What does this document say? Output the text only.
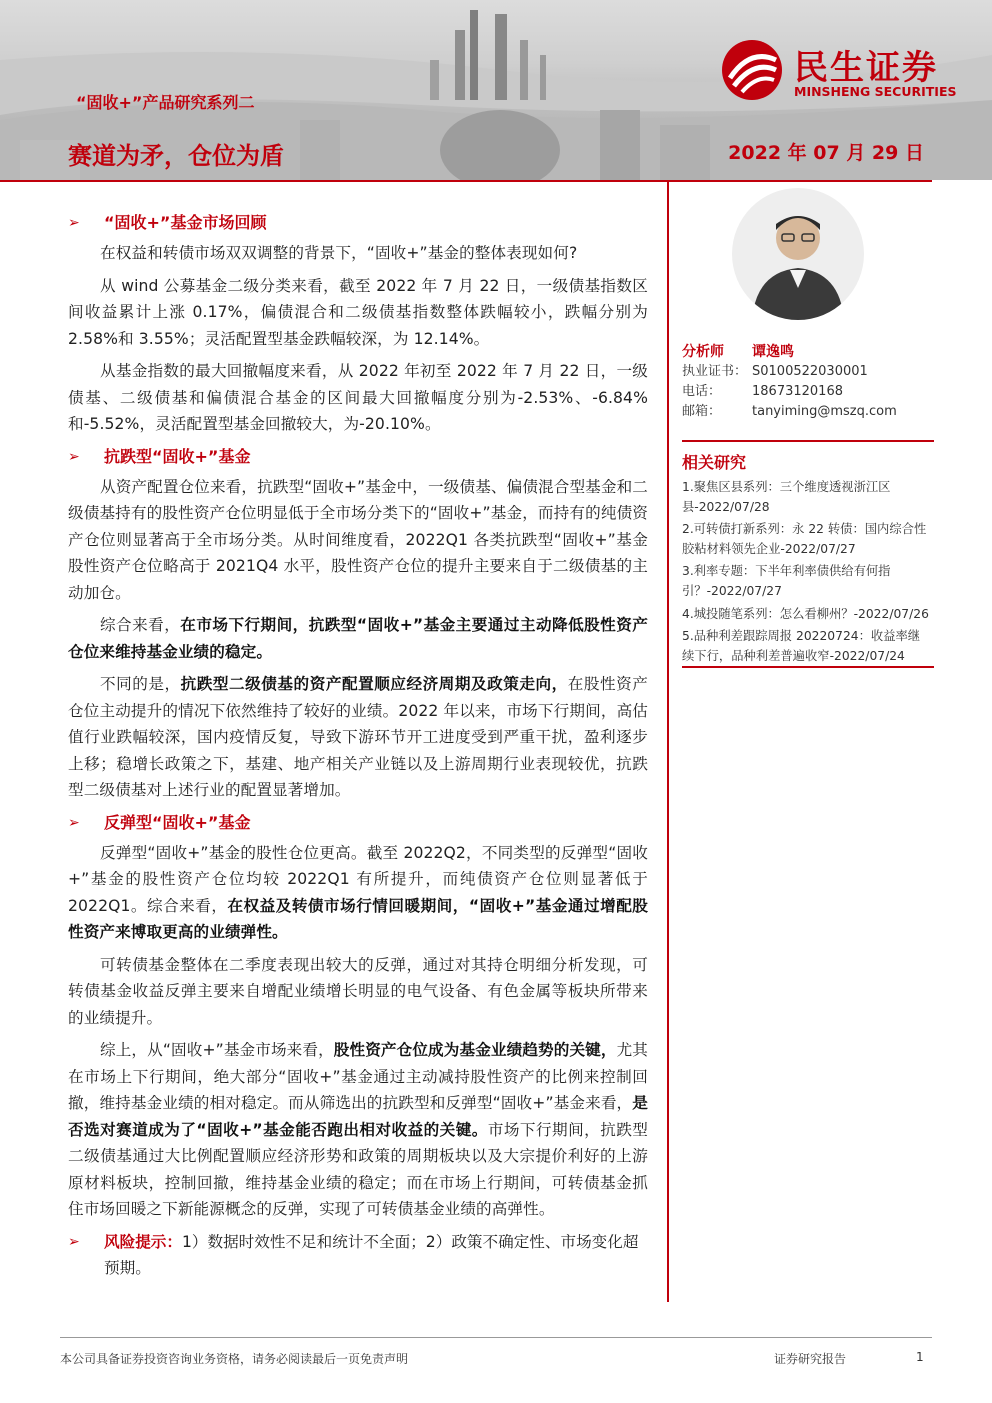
“固收+”产品研究系列二
赛道为矛，仓位为盾	2022 年 07 月 29 日
民生证券
MINSHENG SECURITIES
➢ “固收+”基金市场回顾

在权益和转债市场双双调整的背景下，“固收+”基金的整体表现如何?

从 wind 公募基金二级分类来看，截至 2022 年 7 月 22 日，一级债基指数区间收益累计上涨 0.17%，偏债混合和二级债基指数整体跌幅较小，跌幅分别为 2.58%和 3.55%；灵活配置型基金跌幅较深，为 12.14%。

从基金指数的最大回撤幅度来看，从 2022 年初至 2022 年 7 月 22 日，一级债基、二级债基和偏债混合基金的区间最大回撤幅度分别为-2.53%、-6.84%和-5.52%，灵活配置型基金回撤较大，为-20.10%。

➢ 抗跌型“固收+”基金

从资产配置仓位来看，抗跌型“固收+”基金中，一级债基、偏债混合型基金和二级债基持有的股性资产仓位明显低于全市场分类下的“固收+”基金，而持有的纯债资产仓位则显著高于全市场分类。从时间维度看，2022Q1 各类抗跌型“固收+”基金股性资产仓位略高于 2021Q4 水平，股性资产仓位的提升主要来自于二级债基的主动加仓。

综合来看，在市场下行期间，抗跌型“固收+”基金主要通过主动降低股性资产仓位来维持基金业绩的稳定。

不同的是，抗跌型二级债基的资产配置顺应经济周期及政策走向，在股性资产仓位主动提升的情况下依然维持了较好的业绩。2022 年以来，市场下行期间，高估值行业跌幅较深，国内疫情反复，导致下游环节开工进度受到严重干扰，盈利逐步上移；稳增长政策之下，基建、地产相关产业链以及上游周期行业表现较优，抗跌型二级债基对上述行业的配置显著增加。

➢ 反弹型“固收+”基金

反弹型“固收+”基金的股性仓位更高。截至 2022Q2，不同类型的反弹型“固收+”基金的股性资产仓位均较 2022Q1 有所提升，而纯债资产仓位则显著低于 2022Q1。综合来看，在权益及转债市场行情回暖期间，“固收+”基金通过增配股性资产来博取更高的业绩弹性。

可转债基金整体在二季度表现出较大的反弹，通过对其持仓明细分析发现，可转债基金收益反弹主要来自增配业绩增长明显的电气设备、有色金属等板块所带来的业绩提升。

综上，从“固收+”基金市场来看，股性资产仓位成为基金业绩趋势的关键，尤其在市场上下行期间，绝大部分“固收+”基金通过主动减持股性资产的比例来控制回撤，维持基金业绩的相对稳定。而从筛选出的抗跌型和反弹型“固收+”基金来看，是否选对赛道成为了“固收+”基金能否跑出相对收益的关键。市场下行期间，抗跌型二级债基通过大比例配置顺应经济形势和政策的周期板块以及大宗提价利好的上游原材料板块，控制回撤，维持基金业绩的稳定；而在市场上行期间，可转债基金抓住市场回暖之下新能源概念的反弹，实现了可转债基金业绩的高弹性。

➢ 风险提示：1）数据时效性不足和统计不全面；2）政策不确定性、市场变化超预期。
分析师 谭逸鸣
执业证书： S0100522030001
电话： 18673120168
邮箱： tanyiming@mszq.com
相关研究
1.聚焦区县系列：三个维度透视浙江区县-2022/07/28
2.可转债打新系列：永 22 转债：国内综合性胶粘材料领先企业-2022/07/27
3.利率专题：下半年利率债供给有何指引？-2022/07/27
4.城投随笔系列：怎么看柳州？-2022/07/26
5.品种利差跟踪周报 20220724：收益率继续下行，品种利差普遍收窄-2022/07/24
本公司具备证券投资咨询业务资格，请务必阅读最后一页免责声明	证券研究报告	1
